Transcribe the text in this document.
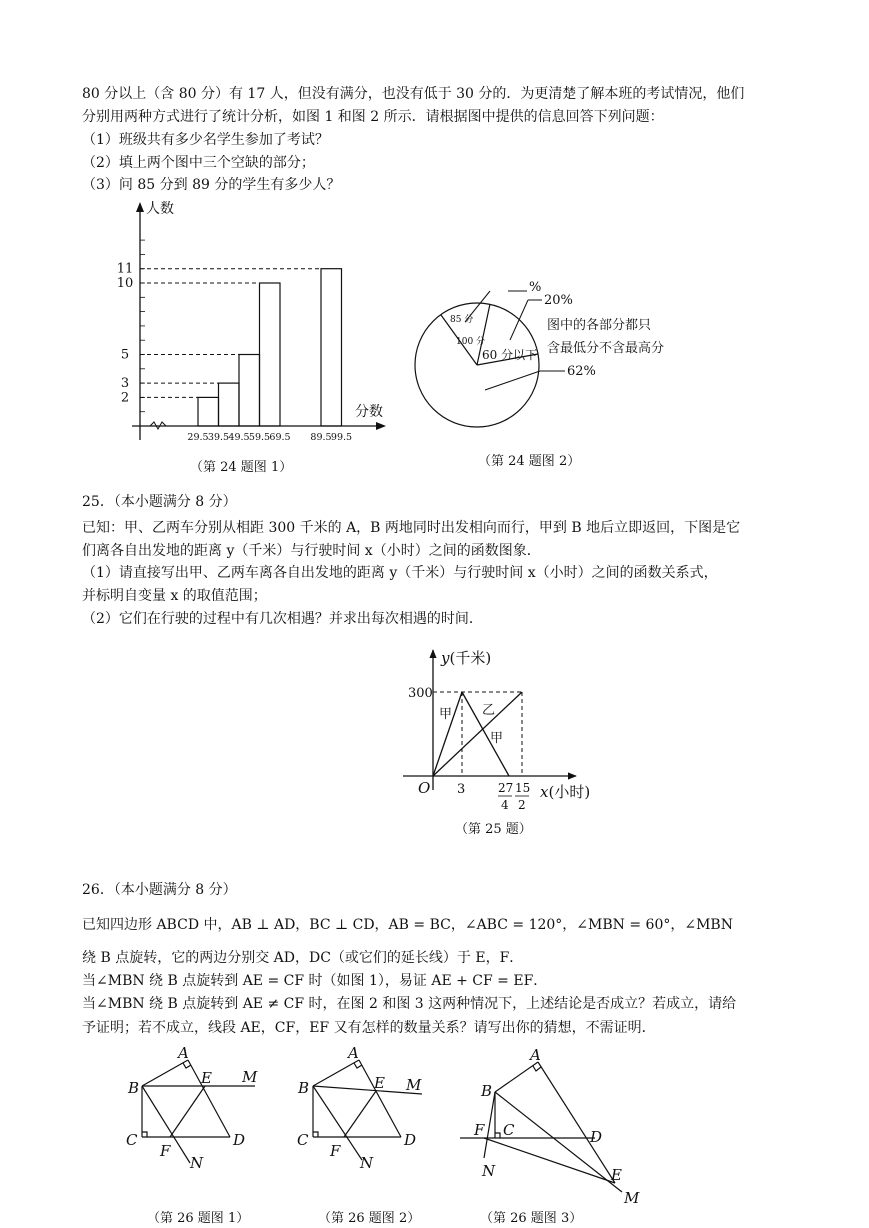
80 分以上（含 80 分）有 17 人，但没有满分，也没有低于 30 分的．为更清楚了解本班的考试情况，他们
分别用两种方式进行了统计分析，如图 1 和图 2 所示．请根据图中提供的信息回答下列问题：
（1）班级共有多少名学生参加了考试？
（2）填上两个图中三个空缺的部分；
（3）问 85 分到 89 分的学生有多少人？
人数
分数
2
3
5
10
11
29.5 39.5 49.5 59.5 69.5 89.5 99.5
（第 24 题图 1）
%
20%
62%
85 分
100 分
60 分以下
图中的各部分都只
含最低分不含最高分
（第 24 题图 2）
25．（本小题满分 8 分）
已知：甲、乙两车分别从相距 300 千米的 A，B 两地同时出发相向而行，甲到 B 地后立即返回，下图是它
们离各自出发地的距离 y（千米）与行驶时间 x（小时）之间的函数图象．
（1）请直接写出甲、乙两车离各自出发地的距离 y（千米）与行驶时间 x（小时）之间的函数关系式，
并标明自变量 x 的取值范围；
（2）它们在行驶的过程中有几次相遇？并求出每次相遇的时间．
y(千米)
x(小时)
O
300
3	27
4
15
2
甲 乙
甲
（第 25 题）
26．（本小题满分 8 分）
已知四边形 ABCD 中，AB ⊥ AD，BC ⊥ CD，AB = BC，∠ABC = 120°，∠MBN = 60°，∠MBN
绕 B 点旋转，它的两边分别交 AD，DC（或它们的延长线）于 E，F．
当∠MBN 绕 B 点旋转到 AE = CF 时（如图 1），易证 AE + CF = EF．
当∠MBN 绕 B 点旋转到 AE ≠ CF 时，在图 2 和图 3 这两种情况下，上述结论是否成立？若成立，请给
予证明；若不成立，线段 AE，CF，EF 又有怎样的数量关系？请写出你的猜想，不需证明．
A
B
C	D
E
F
M
N
（第 26 题图 1）
A
B
C	D
E
F
M
N
（第 26 题图 2）
A
B
C	D
E
F
M
N
（第 26 题图 3）
